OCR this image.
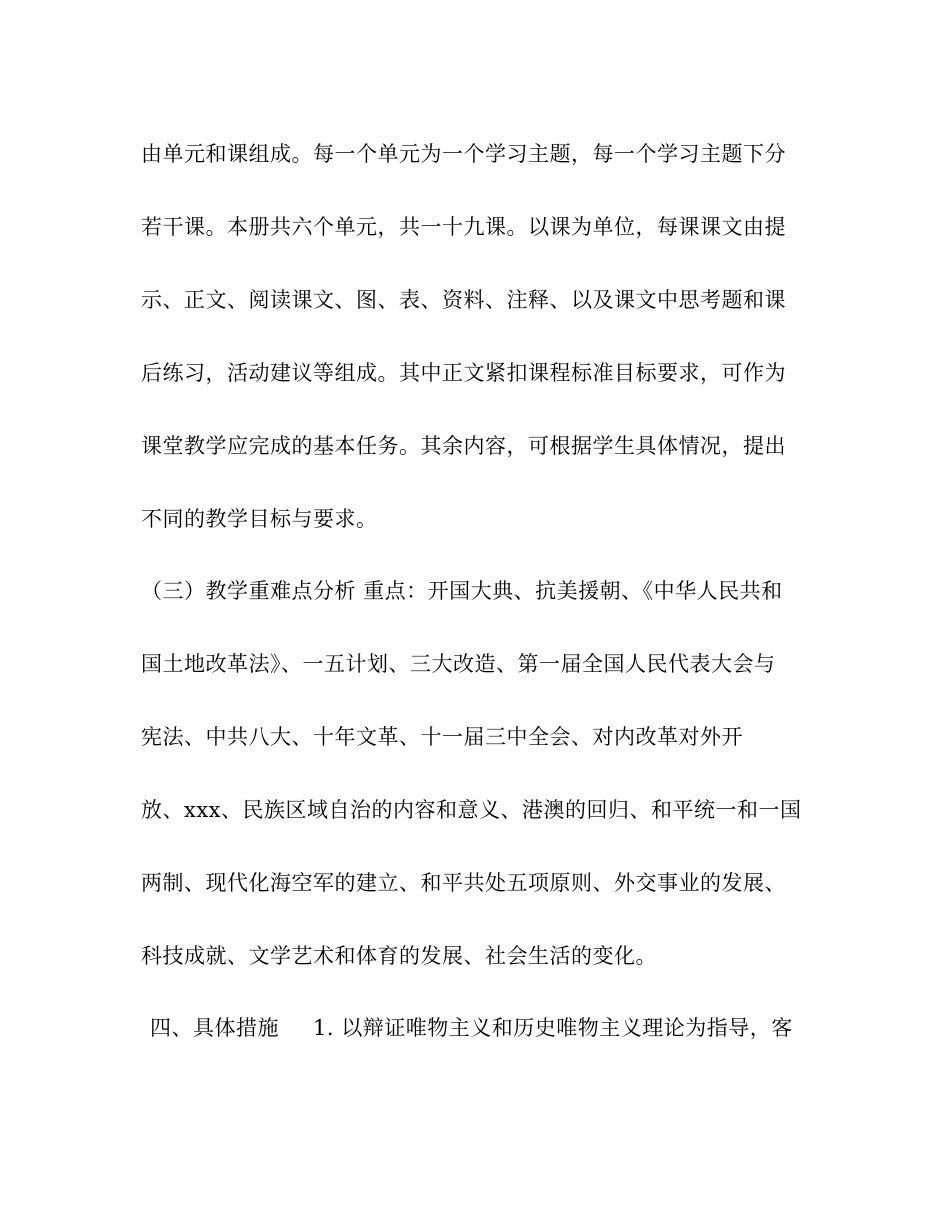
由单元和课组成。每一个单元为一个学习主题，每一个学习主题下分
若干课。本册共六个单元，共一十九课。以课为单位，每课课文由提
示、正文、阅读课文、图、表、资料、注释、以及课文中思考题和课
后练习，活动建议等组成。其中正文紧扣课程标准目标要求，可作为
课堂教学应完成的基本任务。其余内容，可根据学生具体情况，提出
不同的教学目标与要求。
（三）教学重难点分析 重点：开国大典、抗美援朝、《中华人民共和
国土地改革法》、一五计划、三大改造、第一届全国人民代表大会与
宪法、中共八大、十年文革、十一届三中全会、对内改革对外开
放、xxx、民族区域自治的内容和意义、港澳的回归、和平统一和一国
两制、现代化海空军的建立、和平共处五项原则、外交事业的发展、
科技成就、文学艺术和体育的发展、社会生活的变化。
四、具体措施 1. 以辩证唯物主义和历史唯物主义理论为指导，客
